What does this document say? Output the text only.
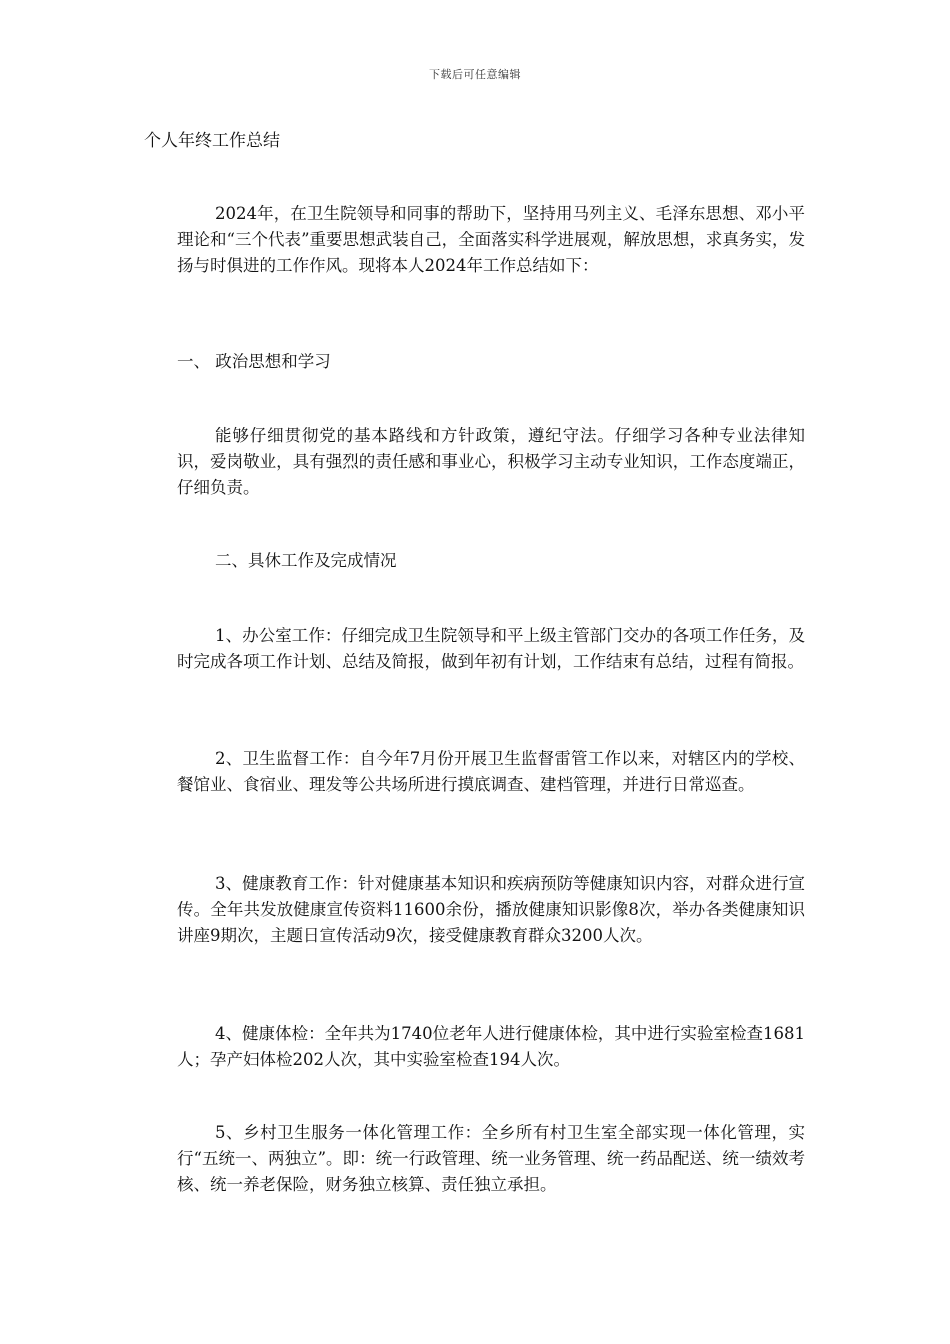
下载后可任意编辑
个人年终工作总结

2024年，在卫生院领导和同事的帮助下，坚持用马列主义、毛泽东思想、邓小平理论和“三个代表”重要思想武装自己，全面落实科学进展观，解放思想，求真务实，发扬与时俱进的工作作风。现将本人2024年工作总结如下：

一、 政治思想和学习

能够仔细贯彻党的基本路线和方针政策，遵纪守法。仔细学习各种专业法律知识，爱岗敬业，具有强烈的责任感和事业心，积极学习主动专业知识，工作态度端正，仔细负责。

二、具休工作及完成情况

1、办公室工作：仔细完成卫生院领导和平上级主管部门交办的各项工作任务，及时完成各项工作计划、总结及简报，做到年初有计划，工作结束有总结，过程有简报。

2、卫生监督工作：自今年7月份开展卫生监督雷管工作以来，对辖区内的学校、餐馆业、食宿业、理发等公共场所进行摸底调查、建档管理，并进行日常巡查。

3、健康教育工作：针对健康基本知识和疾病预防等健康知识内容，对群众进行宣传。全年共发放健康宣传资料11600余份，播放健康知识影像8次，举办各类健康知识讲座9期次，主题日宣传活动9次，接受健康教育群众3200人次。

4、健康体检：全年共为1740位老年人进行健康体检，其中进行实验室检查1681人；孕产妇体检202人次，其中实验室检查194人次。

5、乡村卫生服务一体化管理工作：全乡所有村卫生室全部实现一体化管理，实行“五统一、两独立”。即：统一行政管理、统一业务管理、统一药品配送、统一绩效考核、统一养老保险，财务独立核算、责任独立承担。
